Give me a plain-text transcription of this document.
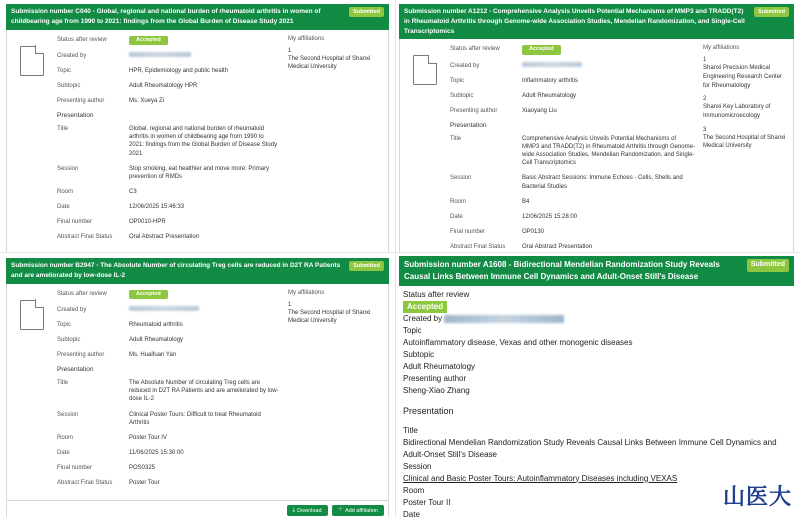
Submission number C040 - Global, regional and national burden of rheumatoid arthritis in women of childbearing age from 1990 to 2021: findings from the Global Burden of Disease Study 2021
Submitted
Status after review	Accepted
Created by
Topic	HPR, Epidemiology and public health
Subtopic	Adult Rheumatology HPR
Presenting author	Ms. Xueya Zi
Presentation
Title	Global, regional and national burden of rheumatoid arthritis in women of childbearing age from 1990 to 2021: findings from the Global Burden of Disease Study 2021
Session	Stop smoking, eat healthier and move more: Primary prevention of RMDs
Room	C3
Date	12/06/2025 15:46:33
Final number	OP0010-HPR
Abstract Final Status	Oral Abstract Presentation
My affiliations
1
The Second Hospital of Shanxi Medical University
Submission number A1212 - Comprehensive Analysis Unveils Potential Mechanisms of MMP3 and TRADD(T2) in Rheumatoid Arthritis through Genome-wide Association Studies, Mendelian Randomization, and Single-Cell Transcriptomics
Submitted
Status after review	Accepted
Created by
Topic	Inflammatory arthritis
Subtopic	Adult Rheumatology
Presenting author	Xiaoyang Liu
Presentation
Title	Comprehensive Analysis Unveils Potential Mechanisms of MMP3 and TRADD(T2) in Rheumatoid Arthritis through Genome-wide Association Studies, Mendelian Randomization, and Single-Cell Transcriptomics
Session	Basic Abstract Sessions: Immune Echoes - Cells, Shells and Bacterial Studies
Room	B4
Date	12/06/2025 15:28:00
Final number	OP0130
Abstract Final Status	Oral Abstract Presentation
My affiliations
1
Shanxi Precision Medical Engineering Research Center for Rheumatology
2
Shanxi Key Laboratory of Immunomicroecology
3
The Second Hospital of Shanxi Medical University
Submission number B2947 - The Absolute Number of circulating Treg cells are reduced in D2T RA Patients and are ameliorated by low-dose IL-2
Submitted
Status after review	Accepted
Created by
Topic	Rheumatoid arthritis
Subtopic	Adult Rheumatology
Presenting author	Ms. Huaifuan Yan
Presentation
Title	The Absolute Number of circulating Treg cells are reduced in D2T RA Patients and are ameliorated by low-dose IL-2
Session	Clinical Poster Tours: Difficult to treat Rheumatoid Arthritis
Room	Poster Tour IV
Date	11/06/2025 15:30:00
Final number	POS0325
Abstract Final Status	Poster Tour
My affiliations
1
The Second Hospital of Shanxi Medical University
⤓ Download	＋ Add affiliation
Submission number A1608 - Bidirectional Mendelian Randomization Study Reveals Causal Links Between Immune Cell Dynamics and Adult-Onset Still's Disease
Submitted
Status after review
Accepted
Created by
Topic
Autoinflammatory disease, Vexas and other monogenic diseases
Subtopic
Adult Rheumatology
Presenting author
Sheng-Xiao Zhang
Presentation
Title
Bidirectional Mendelian Randomization Study Reveals Causal Links Between Immune Cell Dynamics and Adult-Onset Still's Disease
Session
Clinical and Basic Poster Tours: Autoinflammatory Diseases including VEXAS
Room
Poster Tour II
Date
山医大
